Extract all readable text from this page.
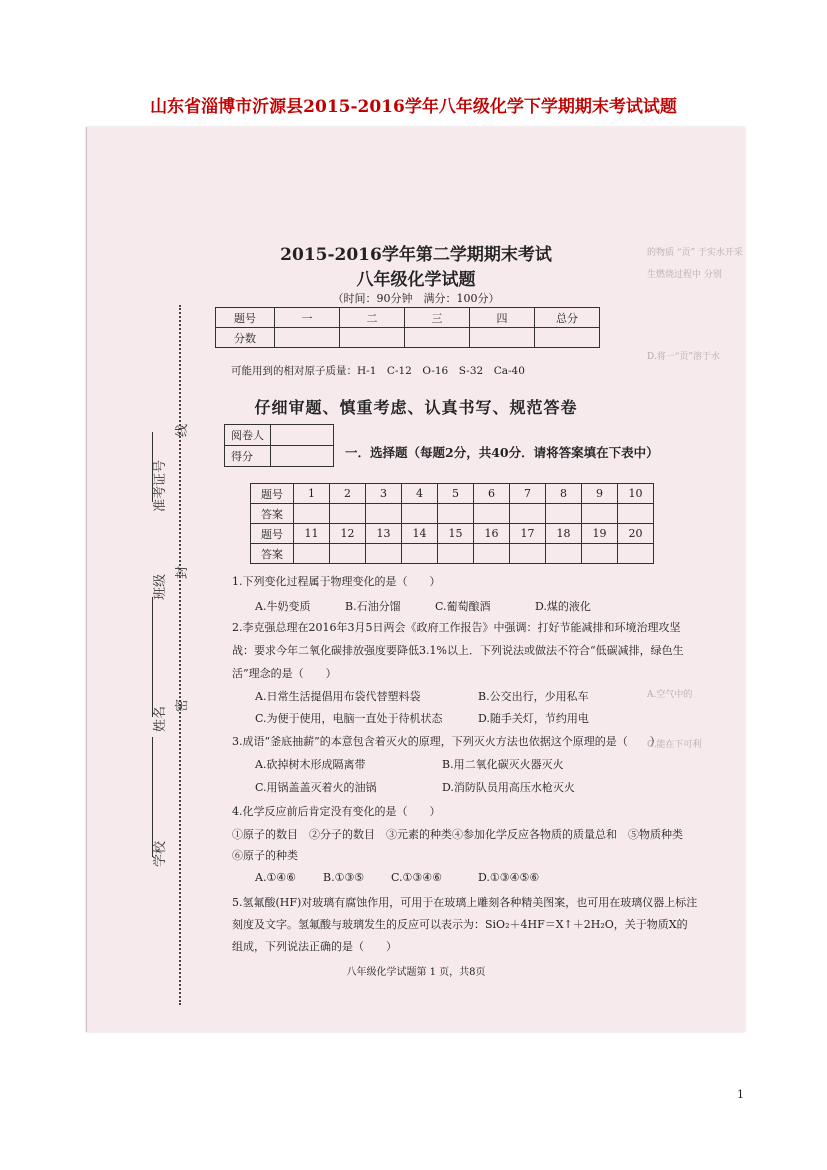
山东省淄博市沂源县2015-2016学年八年级化学下学期期末考试试题
的物质 “贡” 于实水开采
生燃烧过程中 分别
D.将一“贡”溶于水
A.空气中的
C.能在下可利
准考证号
线
班级
封
姓名
密
学校
2015-2016学年第二学期期末考试
八年级化学试题
（时间：90分钟　满分：100分）
题号	一	二	三	四	总分
分数					
可能用到的相对原子质量：H-1　C-12　O-16　S-32　Ca-40
仔细审题、慎重考虑、认真书写、规范答卷
阅卷人	
得分		一．选择题（每题2分，共40分．请将答案填在下表中）
题号	1	2	3	4	5	6	7	8	9	10
答案										
题号	11	12	13	14	15	16	17	18	19	20
答案										
1.下列变化过程属于物理变化的是（　　）
A.牛奶变质	B.石油分馏	C.葡萄酿酒	D.煤的液化
2.李克强总理在2016年3月5日两会《政府工作报告》中强调：打好节能减排和环境治理攻坚
战：要求今年二氧化碳排放强度要降低3.1%以上．下列说法或做法不符合“低碳减排，绿色生
活”理念的是（　　）
A.日常生活提倡用布袋代替塑料袋	B.公交出行，少用私车
C.为便于使用，电脑一直处于待机状态	D.随手关灯，节约用电
3.成语“釜底抽薪”的本意包含着灭火的原理，下列灭火方法也依据这个原理的是（　　）
A.砍掉树木形成隔离带	B.用二氧化碳灭火器灭火
C.用锅盖盖灭着火的油锅	D.消防队员用高压水枪灭火
4.化学反应前后肯定没有变化的是（　　）
①原子的数目　②分子的数目　③元素的种类④参加化学反应各物质的质量总和　⑤物质种类
⑥原子的种类
A.①④⑥ B.①③⑤ C.①③④⑥	D.①③④⑤⑥
5.氢氟酸(HF)对玻璃有腐蚀作用，可用于在玻璃上雕刻各种精美图案，也可用在玻璃仪器上标注
刻度及文字。氢氟酸与玻璃发生的反应可以表示为：SiO₂＋4HF＝X↑＋2H₂O，关于物质X的
组成，下列说法正确的是（　　）
八年级化学试题第 1 页，共8页
1
